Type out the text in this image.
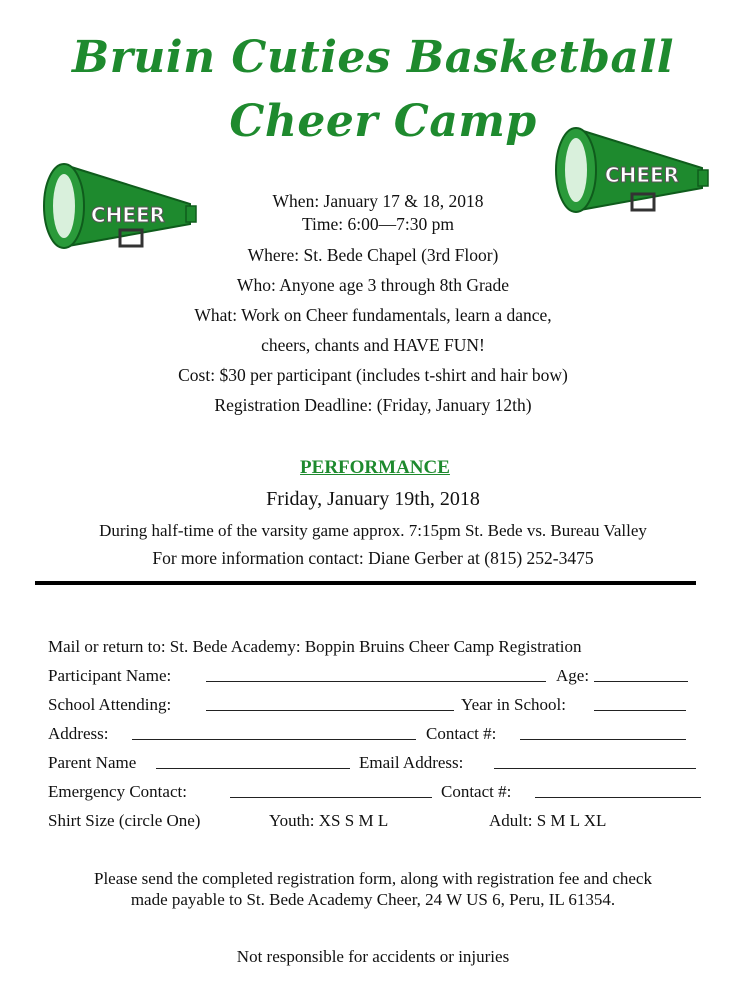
Bruin Cuties Basketball
Cheer Camp
CHEER
CHEER
When: January 17 & 18, 2018
Time: 6:00—7:30 pm
Where: St. Bede Chapel (3rd Floor)
Who: Anyone age 3 through 8th Grade
What: Work on Cheer fundamentals, learn a dance,
cheers, chants and HAVE FUN!
Cost: $30 per participant (includes t-shirt and hair bow)
Registration Deadline: (Friday, January 12th)
PERFORMANCE
Friday, January 19th, 2018
During half-time of the varsity game approx. 7:15pm St. Bede vs. Bureau Valley
For more information contact: Diane Gerber at (815) 252-3475
Mail or return to: St. Bede Academy: Boppin Bruins Cheer Camp Registration
Participant Name:	Age:
School Attending:	Year in School:
Address:	Contact #:
Parent Name	Email Address:
Emergency Contact:	Contact #:
Shirt Size (circle One)	Youth: XS S M L	Adult: S M L XL
Please send the completed registration form, along with registration fee and check
made payable to St. Bede Academy Cheer, 24 W US 6, Peru, IL 61354.
Not responsible for accidents or injuries
